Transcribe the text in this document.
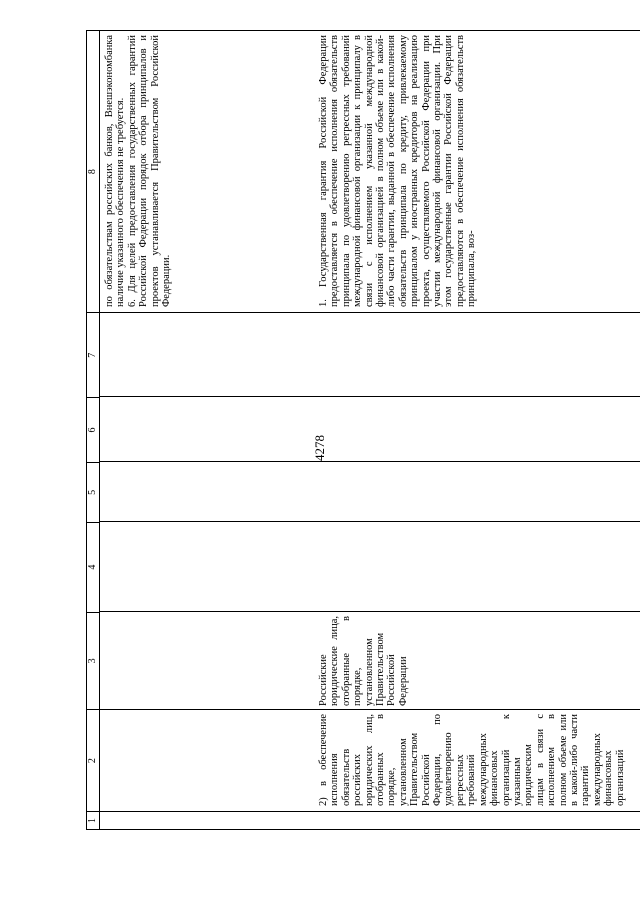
4278
1
2
3
4
5
6
7
8
по обязательствам российских банков, Внешэкономбанка наличие указанного обеспечения не требуется.
6. Для целей предоставления государственных гарантий Российской Федерации порядок отбора принципалов и проектов устанавливается Правительством Российской Федерации.
2) в обеспечение исполнения обязательств российских юридических лиц, отобранных в порядке, установленном Правительством Российской Федерации, по удовлетворению регрессных требований международных финансовых организаций к указанным юридическим лицам в связи с исполнением в полном объеме или в какой-либо части гарантий международных финансовых организаций
Российские юридические лица, отобранные в порядке, установленном Правительством Российской Федерации
1. Государственная гарантия Российской Федерации предоставляется в обеспечение исполнения обязательств принципала по удовлетворению регрессных требований международной финансовой организации к принципалу в связи с исполнением указанной международной финансовой организацией в полном объеме или в какой-либо части гарантии, выданной в обеспечение исполнения обязательств принципала по кредиту, привлекаемому принципалом у иностранных кредиторов на реализацию проекта, осуществляемого Российской Федерации при участии международной финансовой организации. При этом государственные гарантии Российской Федерации предоставляются в обеспечение исполнения обязательств принципала, воз-
